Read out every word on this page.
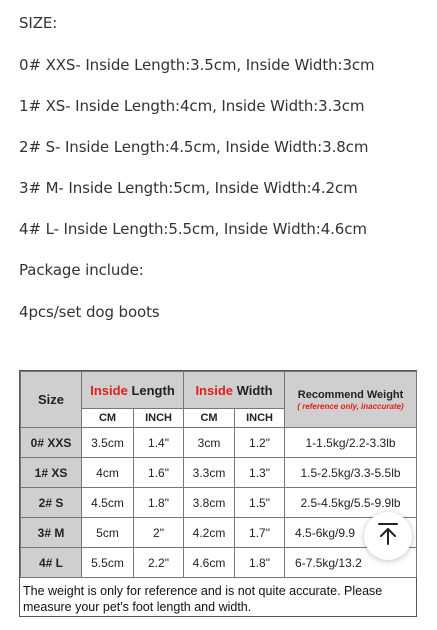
SIZE:
0# XXS- Inside Length:3.5cm, Inside Width:3cm
1# XS- Inside Length:4cm, Inside Width:3.3cm
2# S- Inside Length:4.5cm, Inside Width:3.8cm
3# M- Inside Length:5cm, Inside Width:4.2cm
4# L- Inside Length:5.5cm, Inside Width:4.6cm
Package include:
4pcs/set dog boots
Size	Inside Length		Inside Width		Recommend Weight
( reference only, inaccurate)

	CM	INCH	CM	INCH	
0# XXS	3.5cm	1.4"	3cm	1.2"	1-1.5kg/2.2-3.3lb
1# XS	4cm	1.6"	3.3cm	1.3"	1.5-2.5kg/3.3-5.5lb
2# S	4.5cm	1.8"	3.8cm	1.5"	2.5-4.5kg/5.5-9.9lb
3# M	5cm	2"	4.2cm	1.7"	4.5-6kg/9.9
4# L	5.5cm	2.2"	4.6cm	1.8"	6-7.5kg/13.2
The weight is only for reference and is not quite accurate. Please measure your pet's foot length and width.
